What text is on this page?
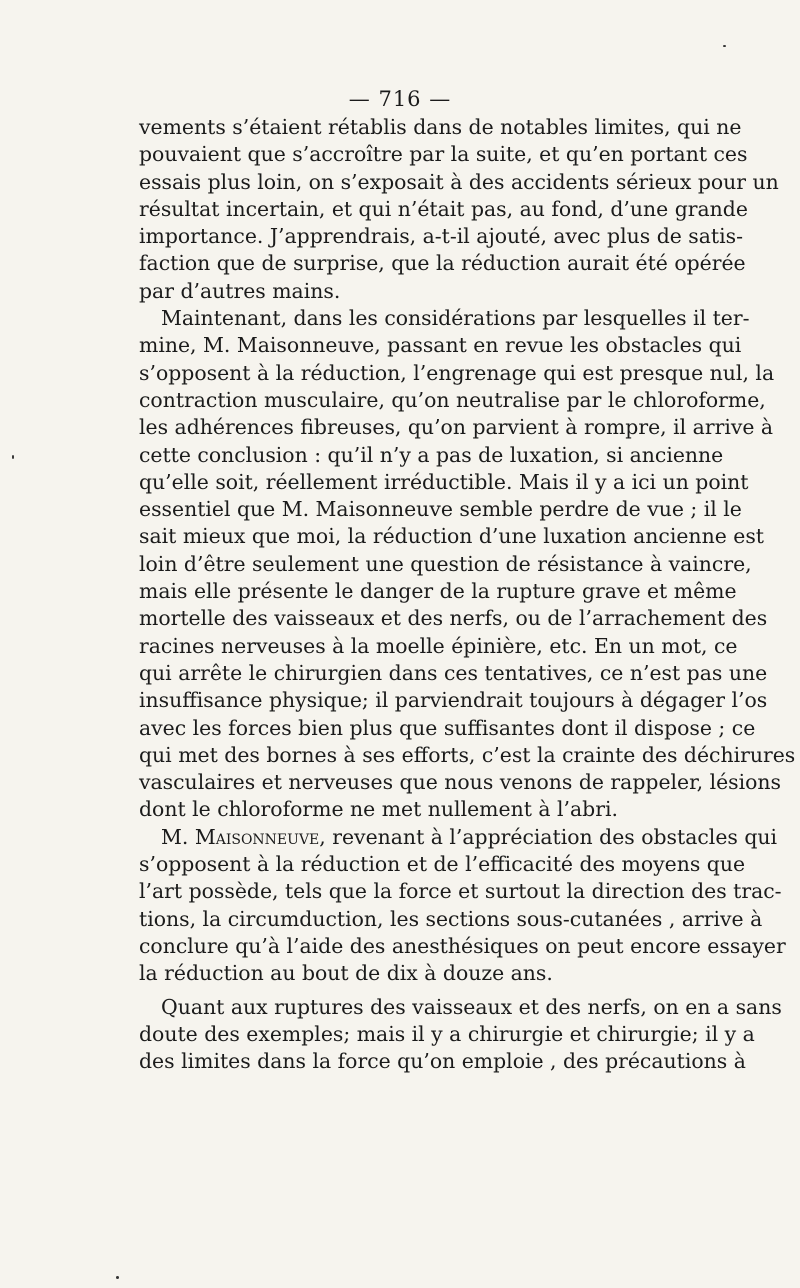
— 716 —
vements s’étaient rétablis dans de notables limites, qui ne
pouvaient que s’accroître par la suite, et qu’en portant ces
essais plus loin, on s’exposait à des accidents sérieux pour un
résultat incertain, et qui n’était pas, au fond, d’une grande
importance. J’apprendrais, a-t-il ajouté, avec plus de satis-
faction que de surprise, que la réduction aurait été opérée
par d’autres mains.
Maintenant, dans les considérations par lesquelles il ter-
mine, M. Maisonneuve, passant en revue les obstacles qui
s’opposent à la réduction, l’engrenage qui est presque nul, la
contraction musculaire, qu’on neutralise par le chloroforme,
les adhérences fibreuses, qu’on parvient à rompre, il arrive à
cette conclusion : qu’il n’y a pas de luxation, si ancienne
qu’elle soit, réellement irréductible. Mais il y a ici un point
essentiel que M. Maisonneuve semble perdre de vue ; il le
sait mieux que moi, la réduction d’une luxation ancienne est
loin d’être seulement une question de résistance à vaincre,
mais elle présente le danger de la rupture grave et même
mortelle des vaisseaux et des nerfs, ou de l’arrachement des
racines nerveuses à la moelle épinière, etc. En un mot, ce
qui arrête le chirurgien dans ces tentatives, ce n’est pas une
insuffisance physique; il parviendrait toujours à dégager l’os
avec les forces bien plus que suffisantes dont il dispose ; ce
qui met des bornes à ses efforts, c’est la crainte des déchirures
vasculaires et nerveuses que nous venons de rappeler, lésions
dont le chloroforme ne met nullement à l’abri.
M. Maisonneuve, revenant à l’appréciation des obstacles qui
s’opposent à la réduction et de l’efficacité des moyens que
l’art possède, tels que la force et surtout la direction des trac-
tions, la circumduction, les sections sous-cutanées , arrive à
conclure qu’à l’aide des anesthésiques on peut encore essayer
la réduction au bout de dix à douze ans.
Quant aux ruptures des vaisseaux et des nerfs, on en a sans
doute des exemples; mais il y a chirurgie et chirurgie; il y a
des limites dans la force qu’on emploie , des précautions à
